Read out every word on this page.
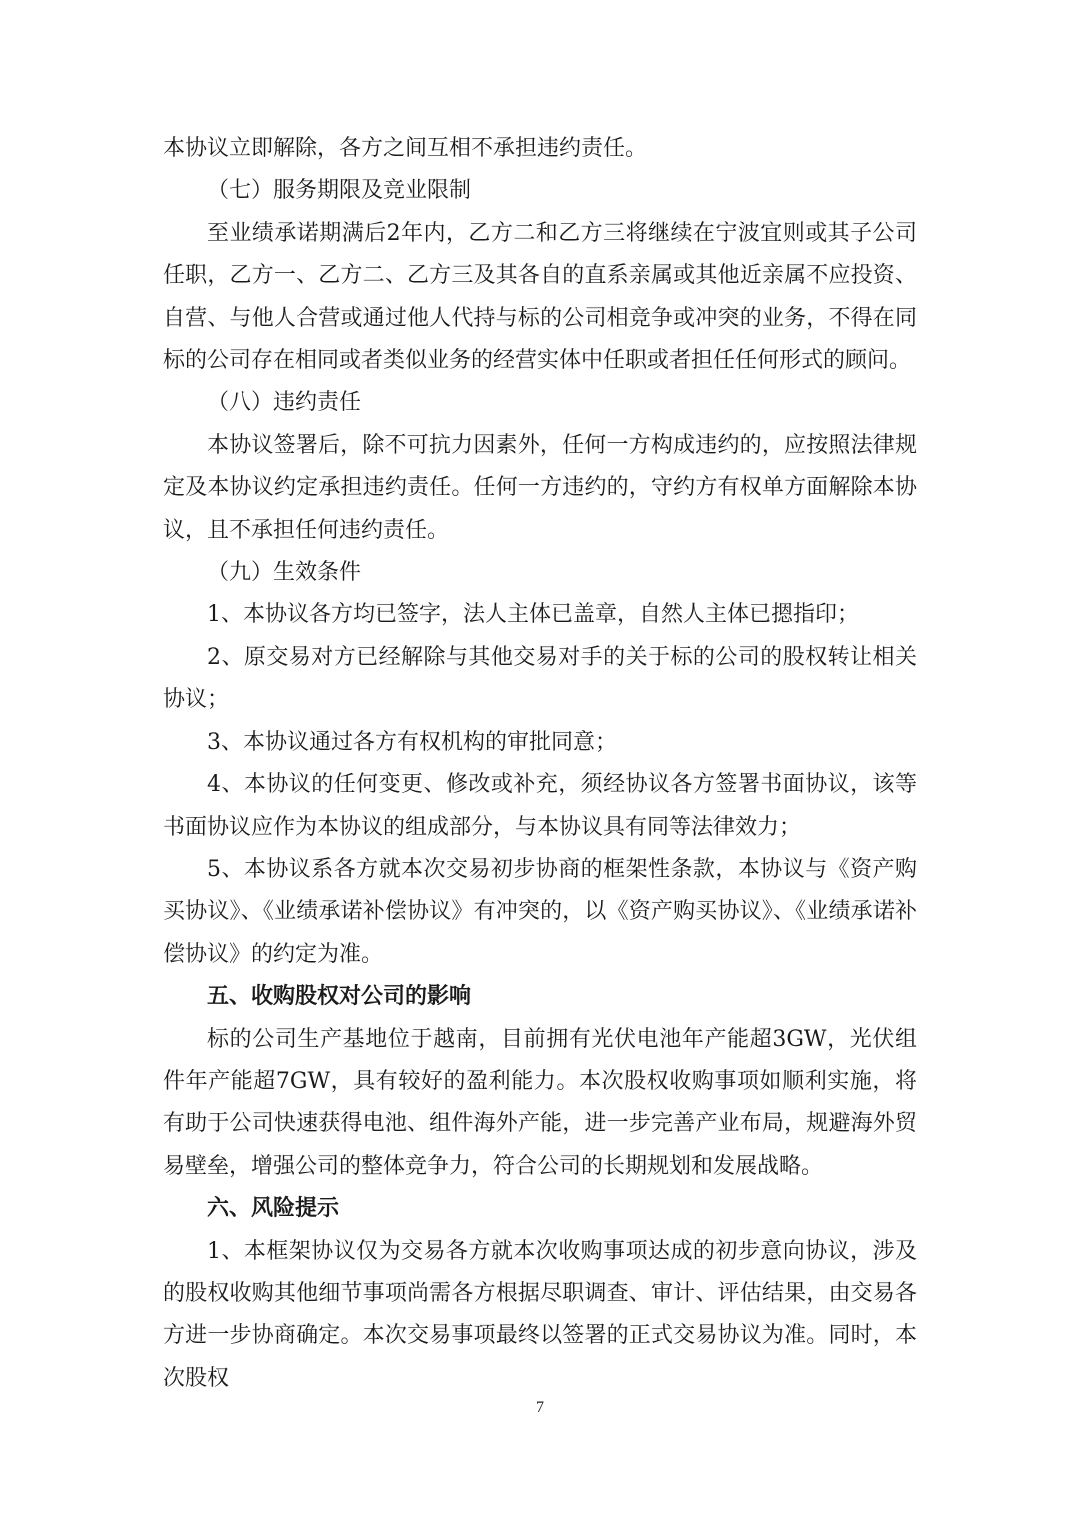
本协议立即解除，各方之间互相不承担违约责任。

（七）服务期限及竞业限制

至业绩承诺期满后2年内，乙方二和乙方三将继续在宁波宜则或其子公司任职，乙方一、乙方二、乙方三及其各自的直系亲属或其他近亲属不应投资、自营、与他人合营或通过他人代持与标的公司相竞争或冲突的业务，不得在同标的公司存在相同或者类似业务的经营实体中任职或者担任任何形式的顾问。

（八）违约责任

本协议签署后，除不可抗力因素外，任何一方构成违约的，应按照法律规定及本协议约定承担违约责任。任何一方违约的，守约方有权单方面解除本协议，且不承担任何违约责任。

（九）生效条件

1、本协议各方均已签字，法人主体已盖章，自然人主体已摁指印；

2、原交易对方已经解除与其他交易对手的关于标的公司的股权转让相关协议；

3、本协议通过各方有权机构的审批同意；

4、本协议的任何变更、修改或补充，须经协议各方签署书面协议，该等书面协议应作为本协议的组成部分，与本协议具有同等法律效力；

5、本协议系各方就本次交易初步协商的框架性条款，本协议与《资产购买协议》、《业绩承诺补偿协议》有冲突的，以《资产购买协议》、《业绩承诺补偿协议》的约定为准。

五、收购股权对公司的影响

标的公司生产基地位于越南，目前拥有光伏电池年产能超3GW，光伏组件年产能超7GW，具有较好的盈利能力。本次股权收购事项如顺利实施，将有助于公司快速获得电池、组件海外产能，进一步完善产业布局，规避海外贸易壁垒，增强公司的整体竞争力，符合公司的长期规划和发展战略。

六、风险提示

1、本框架协议仅为交易各方就本次收购事项达成的初步意向协议，涉及的股权收购其他细节事项尚需各方根据尽职调查、审计、评估结果，由交易各方进一步协商确定。本次交易事项最终以签署的正式交易协议为准。同时，本次股权

7
